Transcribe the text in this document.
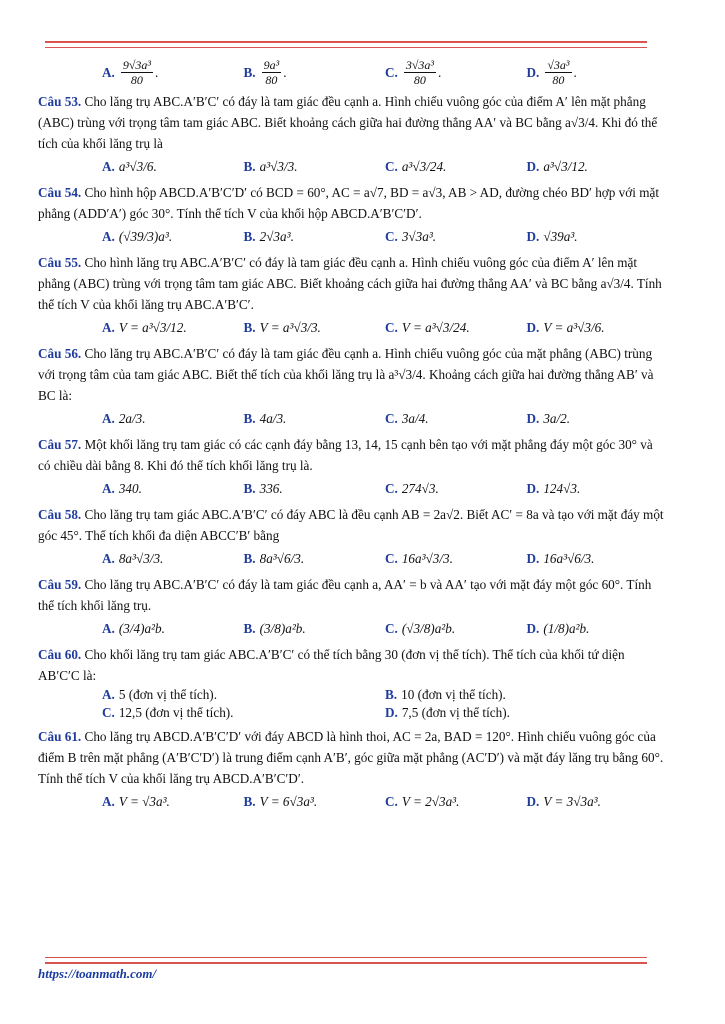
A. $\frac{\text{9√3a³}}{80}$ .	B. $\frac{\text{9a³}}{80}$ .	C. $\frac{\text{3√3a³}}{80}$ .	D. $\frac{\text{√3a³}}{80}$ .
Câu 53. Cho lăng trụ ABC.A′B′C′ có đáy là tam giác đều cạnh a. Hình chiếu vuông góc của điểm A′ lên mặt phẳng (ABC) trùng với trọng tâm tam giác ABC. Biết khoảng cách giữa hai đường thẳng AA′ và BC bằng a√3/4. Khi đó thể tích của khối lăng trụ là
A. a³√3/6.	B. a³√3/3.	C. a³√3/24.	D. a³√3/12.
Câu 54. Cho hình hộp ABCD.A′B′C′D′ có BCD = 60°, AC = a√7, BD = a√3, AB > AD, đường chéo BD′ hợp với mặt phẳng (ADD′A′) góc 30°. Tính thể tích V của khối hộp ABCD.A′B′C′D′.
A. (√39/3)a³.	B. 2√3a³.	C. 3√3a³.	D. √39a³.
Câu 55. Cho hình lăng trụ ABC.A′B′C′ có đáy là tam giác đều cạnh a. Hình chiếu vuông góc của điểm A′ lên mặt phẳng (ABC) trùng với trọng tâm tam giác ABC. Biết khoảng cách giữa hai đường thẳng AA′ và BC bằng a√3/4. Tính thể tích V của khối lăng trụ ABC.A′B′C′.
A. V = a³√3/12.	B. V = a³√3/3.	C. V = a³√3/24.	D. V = a³√3/6.
Câu 56. Cho lăng trụ ABC.A′B′C′ có đáy là tam giác đều cạnh a. Hình chiếu vuông góc của mặt phẳng (ABC) trùng với trọng tâm của tam giác ABC. Biết thể tích của khối lăng trụ là a³√3/4. Khoảng cách giữa hai đường thẳng AB′ và BC là:
A. 2a/3.	B. 4a/3.	C. 3a/4.	D. 3a/2.
Câu 57. Một khối lăng trụ tam giác có các cạnh đáy bằng 13, 14, 15 cạnh bên tạo với mặt phẳng đáy một góc 30° và có chiều dài bằng 8. Khi đó thể tích khối lăng trụ là.
A. 340.	B. 336.	C. 274√3.	D. 124√3.
Câu 58. Cho lăng trụ tam giác ABC.A′B′C′ có đáy ABC là đều cạnh AB = 2a√2. Biết AC′ = 8a và tạo với mặt đáy một góc 45°. Thể tích khối đa diện ABCC′B′ bằng
A. 8a³√3/3.	B. 8a³√6/3.	C. 16a³√3/3.	D. 16a³√6/3.
Câu 59. Cho lăng trụ ABC.A′B′C′ có đáy là tam giác đều cạnh a, AA′ = b và AA′ tạo với mặt đáy một góc 60°. Tính thể tích khối lăng trụ.
A. (3/4)a²b.	B. (3/8)a²b.	C. (√3/8)a²b.	D. (1/8)a²b.
Câu 60. Cho khối lăng trụ tam giác ABC.A′B′C′ có thể tích bằng 30 (đơn vị thể tích). Thể tích của khối tứ diện AB′C′C là:
A. 5 (đơn vị thể tích).	B. 10 (đơn vị thể tích).
C. 12,5 (đơn vị thể tích).	D. 7,5 (đơn vị thể tích).
Câu 61. Cho lăng trụ ABCD.A′B′C′D′ với đáy ABCD là hình thoi, AC = 2a, BAD = 120°. Hình chiếu vuông góc của điểm B trên mặt phẳng (A′B′C′D′) là trung điểm cạnh A′B′, góc giữa mặt phẳng (AC′D′) và mặt đáy lăng trụ bằng 60°. Tính thể tích V của khối lăng trụ ABCD.A′B′C′D′.
A. V = √3a³.	B. V = 6√3a³.	C. V = 2√3a³.	D. V = 3√3a³.
https://toanmath.com/
